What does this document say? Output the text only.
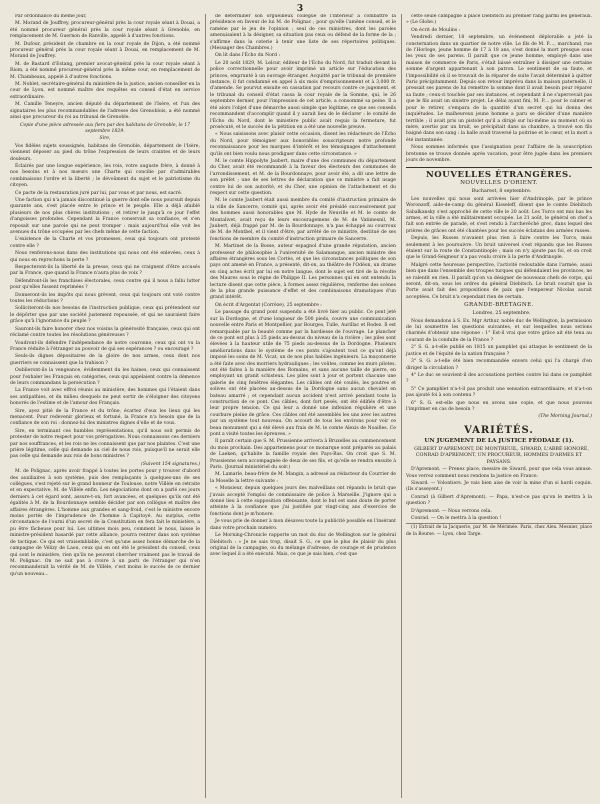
3

Par ordonnance du même jour,

M. Morand de Jouffrey, procureur-général près la cour royale séant à Douai, a été nommé procureur général près la cour royale séant à Grenoble, en remplacement de M. Guernon de Ranville, appelé à d'autres fonctions.

M. Dufour, président de chambre en la cour royale de Dijon, a été nommé procureur général près la cour royale séant à Douai, en remplacement de M. Morand de Jouffrey.

M. de Bastard d'Estang, premier avocat-général près la cour royale séant à Riom, a été nommé procureur-général près la même cour, en remplacement de M. Chambeaux, appelé à d'autres fonctions.

M. Noblet, secrétaire-général du ministère de la justice, ancien conseiller en la cour de Lyon, est nommé maître des requêtes en conseil d'état en service extraordinaire.

M. Camille Teneyre, ancien député du département de l'Isère, et l'un des signataires les plus recommandables de l'adresse des Grenoblois, a été nommé ainsi que procureur du roi au tribunal de Grenoble.

Copie d'une pièce adressée aux fiers par des habitans de Grenoble, le 17 septembre 1829.

Sire,

Vos fidèles sujets soussignés, habitans de Grenoble, département de l'Isère, viennent déposer au pied du trône l'expression de leurs craintes et de leurs douleurs.

Éclairés par une longue expérience, les rois, votre auguste frère, à donné à nos besoins et à nos mœurs une Charte qui concilie par d'admirables combinaisons l'ordre et la liberté ; le dévoûment du sujet et le patriotisme du citoyen.

Ce pacte de la restauration juré par lui, par vous et par nous, est sacré.

Une faction qui n'a jamais discontinué la guerre dont elle nous poursuit depuis quarante ans, s'est placée entre le prince et le peuple. Elle a déjà afaiblé plusieurs de nos plus chères institutions ; et retirer le jusqu'à ce jour l'effet d'angoisses profondes. Cependant la France conservait sa confiance, et s'en reposait sur une parole qui ne peut tromper : mais aujourd'hui elle voit les avenues du trône occupées par les chefs même de cette faction.

L'existence de la Charte et vos promesses, ceux qui toujours ont protesté contre elle ?

Nous renferons-nous dans des institutions qui nous ont été enlevées, ceux à qui nous en reprochons la perte ?

Respecteront-ils la liberté de la presse, ceux qui ne craignent d'être accusés par la France, que quand la France n'aura plus de voix ?

Défendront-ils les franchises électorales, ceux contre qui il nous a fallu lutter pour qu'elles fussent reprimées ?

Donneront-ils les impôts qui nous grèvent, ceux qui toujours ont voté contre toutes les réductions ?

Solliciteront-ils nos besoins de l'instruction publique, ceux qui prétendent sur le dépôrter que par une société justement repoussée, et qui ne sauraient faire grâce qu'à l'ignorance du peuple ?

Sauront-ils faire honorer chez nos voisins la générosité française, ceux qui ont réclamé contre toutes les résolutions généreuses ?

Voudront-ils défendre l'indépendance de notre couronne, ceux qui ont vu la France réduite à l'étranger au pouvoir de qui ses espérances ? ou encouragé ?

Seuls-ils dignes dépositaires de la gloire de nos armes, ceux dont nos guerriers se connaissent que la trahison ?

Oublieront-ils la vengeance, évidemment du les haines, ceux qui connaissent pour l'exhaler les Français en catégories, ceux qui appelaient contre la démence de leurs commandans la persécution ?

La France voit avec effroi réunis au ministère, des hommes qui l'étaient dans ses antipathies, et du milieu desquels ne peut sortir de s'éloigner des citoyens honorés de l'estime et de l'amour des Français.

Sire, ayez pitié de la France et du trône, écartez d'eux les lieux qui les menacent. Pour redevenir glorieux et fortuné, la France n'a besoin que de la confiance de son roi : donnez-lui des ministres dignes d'elle et de vous.

Sire, en terminant ces humbles représentations, qu'il nous soit permis de protester de notre respect pour vos prérogatives. Nous connaissons ces derniers par nos souffrances, et les rois ne les connaissent que par nos plaintes. C'est une prière légitime, celle qui demande au ciel de nous rois, puisque'il ne serait elle pas celle qui demande aux rois de bons ministres ?

(Suivent 154 signatures.)

M. de Polignac, après avoir frappé à toutes les portes pour y trouver d'abord des auxiliaires à son système, puis des remplaçants à quelques-uns de ses collègues, s'est rejeté sur le grand honneur de Toulouse, notre Villèle en retraite et en expectative, M. de Villèle enfin. Les négociations dont on a parlé ces jours derniers à cet égard sont, assure-t-on, fort avancées, et quelques qu'ils ont été égalités à M. de la Bourdonnaye semble décider par son collègue et maître des affaires étrangères. L'homme aux grandes et sang-froid, c'est le ministre encore moins portés de l'imprudence de l'homme à Capitoyé. Au surplus, cette circonstance de l'ourni d'un secret de la Constitution en fera fait le ministère, a pu être fâcheuse pour lui. Les ultimes mois peu, comment le nous, laisse le ministre-président hasardé par cette alliance, pourra rentrer dans son système de tactique. Ce qui est vraisemblable, c'est qu'une assez bonne démarche de la campagne de Vélizy de Laou, ceux qui en ont été le président du conseil, ceux qui sont le ministère, rien qu'ils ne peuvent chercher vraiment pas le travail de M. Polignac. On ne sait pas à croire à un parti de l'étranger qui n'en recommanderait la vérité de M. de Villèle, c'est moins le succès de ce dernier qu'un nouveau...

de déterminer son orgueilleux collègue de l'intérieur à combattre la présidence en faveur de lui M. de Polignac ; pour qu'elle l'amène conseil, et le ramène par le jeu de l'opinion ; seul de ces ministres, dont les paroles amenuisaient à la désigner, sa situation pas ceux ou défend de la forme de la ; s'affirme dans la coterie à tenir une liste de ses répertoires politiques. (Messager des Chambres.)

On lit dans l'Écho du Nord :

Le 20 août 1829, M. Lelcur, éditeur de l'Écho du Nord, fut traduit devant la police correctionnelle pour avoir imprimé un article sur l'éducation des princes, emprunté à un ouvrage étranger. Acquitté par le tribunal de première instance, il fut condamné en appel à six mois d'emprisonnement et à 3,000 fr. d'amende. Se pourvut ensuite en cassation par recours contre ce jugement, et le tribunal du conseil d'état cassa la cour royale de la Somme, qui, le 26 septembre dernier, pour l'impression de cet article, a consommé sa peine. Il a été alors l'objet d'une démarche aussi simple que légitime, ce que ses conseils recommandent d'accomplir quand il y aurait lieu de le déclarer : le comité de l'Écho du Nord, dont le ministère public avait requis la fermeture, fut prosécuté, et le succès de la pétition en a été une nouvelle preuve.

« Nous saisissons avec plaisir cette occasion, disent les rédacteurs de l'Écho du Nord, pour témoigner aux honorables souscripteurs notre profonde reconnaissance pour les marques d'intérêt et les témoignages d'attachement qu'ils ont bien voulu nous prodiguer dans cette circonstance. »

M. le comte Hippolyte Jaubert, maire d'une des communes du département du Cher, avait été recommandé à la faveur des électeurs des communes de l'arrondissement, et M. de la Bourdonnaye, pour avoir été, a dit une lettre de son préfet ; une de ses lettres de déclaration que ce ministre a fait usage contre lui de son autorité, et du Cher, une opinion de l'attachement et du respect sur cette question.

M. le comte Jaubert était aussi membre du comité d'instruction primaire de la ville de Sancerre, comité qui, après avoir été présidé successivement par des hommes aussi honorables que M. Hyde de Neuville et M. le comte de Montalivet, avait reçu de leurs encouragemens de M. de Vatimesnil, M. Jaubert, déjà frappé par M. de la Bourdonnaye, n'a pas échappé au courroux de M. de Montbel, et il vient d'être, par arrêté de ce ministre, destitué de ses fonctions de membre du comité d'instruction primaire de Sancerre.

M. Martinet de la Bosse, auteur espagnol d'une grande réputation, ancien professeur de philosophie à l'université de Salamanque, ancien ministre des affaires étrangères sous les Cortès, et que les circonstances politiques de son pays ont amené en France, a présenté, dit-on, au théâtre de l'Odéon, un drame en cinq actes écrit par lui en notre langue, dont le sujet est tiré de la révolte des Maures sous le règne de Philippe II. Les personnes qui en ont entendu la lecture disent que cette pièce, à formes assez régulières, renferme des scènes de la plus grande puissance d'effet et des combinaisons dramatiques d'un grand intérêt.

On écrit d'Argentat (Corrèze), 25 septembre :

Le passage du grand pont suspendu a été livré hier au public. Ce pont jeté sur la Dordogne, et d'une longueur de 500 pieds, couvre une communication nouvelle entre Paris et Montpellier, par Bourges, Tulle, Aurillac et Rodez. Il est remarquable par la beauté comme par la hardiesse de l'ouvrage. Le plancher de ce pont est plus à 25 pieds au-dessus du niveau de la rivière ; les piles sont élevées à la hauteur utile de 75 pieds au-dessus de la Dordogne. Plusieurs améliorations dans le système de ces ponts s'ajoutent tout ce qu'ont déjà imposé les soins de M. Vicat, un de nos plus habiles ingénieurs. La maçonnerie a été faite avec des morriers hydrauliques ; les voûtes, comme les murs pilotes, ont été faites à la manière des Romains, et sans aucune taille de pierre, en employant un granit schisteux. Les piles sont à jour et portent chacune une galerie de cinq fenêtres élégantes. Les câbles ont été coulés, les poutres et solives ont été placées au-dessus de la Dordogne sans aucun chevalet en bateau amarré ; et cependant aucun accident n'est arrivé pendant toute la construction de ce pont. Ces câbles, dont fort pesés, ont été édifiés d'être à leur propre tension. Ce qui leur a donné une inflexion régulière et une courbure pleine de grâce. Ces câbles ont été assemblés les uns avec les autres par un système tout nouveau. On accourt de tous les environs pour voir ce beau monument qui a été élevé aux frais de M. le comte Alexis de Noailles. Ce pont a visité toutes les épreuves. »

Il paraît certain que S. M. Prussienne arrivera à Bruxelles au commencement du mois prochain. Des appartemens pour ce monarque sont préparés au palais de Laeken, qu'habite la famille royale des Pays-Bas. On croit que S. M. Prussienne sera accompagnée de deux de ses fils, et qu'elle se rendra ensuite à Paris. (Journal ministériel du soir.)

M. Lamarle, beau-frère de M. Mangin, a adressé au rédacteur du Courrier de la Moselle la lettre suivante :

« Monsieur, depuis quelques jours des malveillans ont répandu le bruit que j'avais accepté l'emploi de commissaire de police à Marseille. J'ignore qui a donné lieu à cette supposition offensante, dont le but est sans doute de porter atteinte à la confiance que j'ai justifiée par vingt-cinq ans d'exercice de fonctions dont je m'honore.

Je vous prie de donner à mon désaveu toute la publicité possible en l'insérant dans votre prochain numéro.

Le Morning-Chronicle rapporte un mot du duc de Wellington sur le général Diebitsch : « Je ne sais trop, disait S. G., ce que le plus de plaisir du plus original de la campagne, ou du mélange d'adresse, de courage et de prudence avec lequel il a été exécuté. Mais, ce que je sais bien, c'est que

cette seule campagne a placé Diebitsch au premier rang parmi les généraux. » (Le Globe.)

On écrit de Moulins :

Vendredi dernier, 18 septembre, un événement déplorable a jeté la consternation dans un quartier de notre ville. Le fils de M. P...., marchand, rue de l'Horloge, jeune homme de 17 à 18 ans, s'est donné la mort presque sous les yeux de ses parens. Il paraît que ce jeune homme, employé dans une maison de commerce de Paris, s'était laissé entraîner à dissiper une certaine somme d'argent appartenant à son patron. Le sentiment de sa faute, et l'impossibilité où il se trouvait de la réparer de suite l'avait déterminé à quitter Paris précipitamment. Depuis son retour imprévu dans la maison paternelle, il pressait ses parens de lui remettre la somme dont il avait besoin pour réparer sa faute ; ceux-ci touchés par ses instances, et cependant il ne s'apercevait pas que le fils avait un sinistre projet. Le délai ayant fini, M. P.... pour le calmer et pour le retirer, s'empara de la quantité d'un secret qui lui donna des inquiétudes. Le malheureux jeune homme a paru se décider d'une manière terrible ; il avait pris un pistolet qu'il a dirigé sur lui-même au moment où sa mère, avertie par un bruit, se précipitait dans sa chambre, a trouvé son fils baigné dans son sang : la balle avait traversé la poitrine et le cœur, et la mort a été instantanée.

Nous sommes informés que l'assignation pour l'affaire de la souscription bretonne se trouve donnée après vacation, pour être jugée dans les premiers jours de novembre.

NOUVELLES ÉTRANGÈRES.
NOUVELLES D'ORIENT.

Bucharest, 8 septembre.

Les nouvelles qui nous sont arrivées hier d'Andrinople, par le prince Woronzoff, aide-de-camp du général Kisseleff, disent que le comte Diebitsch Sabalkansky s'est approché de cette ville le 20 août. Les Turcs ont mis bas les armes, et la ville a été militairement occupée. Le 21 août, le général en chef a fait son entrée de parade, et s'est rendu à l'archevêché grec, dans lequel des prières de grâces ont été chantées pour les succès éclatans des armées russes.

Depuis, les Russes n'avaient plus rien à faire contre les Turcs, mais seulement à les poursuivre. Un bruit universel s'est répandu que les Russes étaient sur la route de Constantinople ; mais on n'y ajoute pas foi, et on croit que le Grand-Seigneur n'a pas voulu croire à la perte d'Andrinople.

Malgré cette heureuse perspective, l'activité redoutable dans l'armée, aussi bien que dans l'ensemble des troupes turques qui défendaient les provinces, ne se ralentit en rien. Il paraît qu'on va désigner de nouveaux chefs de corps, qui seront, dit-on, sous les ordres du général Diebitsch. Le bruit courait que la Porte avait fait des propositions de paix que l'empereur Nicolas aurait acceptées. Ce bruit n'a cependant rien de certain.

GRANDE-BRETAGNE.

Londres, 25 septembre.

Nous demandons à S. Ex. Mgr Arthur, noble duc de Wellington, la permission de lui soumettre les questions suivantes, et sur lesquelles nous serions charmés d'obtenir une réponse : 1° Est-il vrai que votre grâce ait été tenu au courant de la conduite de la France ?

2° S. G. a-t-elle publié en 1815 un pamphlet qui attaque le sentiment de la justice et de l'équité de la nation française ?

3° S. G. a-t-elle été bien recommandée envers celui qui l'a chargé d'en diriger la circulation ?

4° Le duc se souvient-il des accusations portées contre lui dans ce pamphlet ?

5° Ce pamphlet n'a-t-il pas produit une sensation extraordinaire, et n'a-t-on pas ajouté foi à son contenu ?

6° S. G. est-elle que nous en avons une copie, et que nous pouvons l'imprimer en cas de besoin ?

(The Morning Journal.)

VARIÉTÉS.
UN JUGEMENT DE LA JUSTICE FÉODALE (1).

GILBERT D'APREMONT, DE MONTREUIL, SIWARD, L'ABBÉ HONORÉ, CONRAD D'APREMONT, UN PROCUREUR, HOMMES D'ARMES ET PAYSANS.

D'Apremont. — Prenez place, messire de Siward, pour que cela vous amuse. Vous verrez comment nous rendons la justice en France.

Siward. — Volontiers. Je vais bien aise de voir la mine d'un si hardi coquin. (Ils s'asseyent.)

Conrad (à Gilbert d'Apremont). — Papa, n'est-ce pas qu'on le mettra à la question ?

D'Apremont. — Nous verrons cela.

Conrad. — On le mettra à la question !

(1) Extrait de la Jacquerie, par M. de Mérimée. Paris, chez Alex. Mesnier, place de la Bourse. — Lyon, chez Targe.
